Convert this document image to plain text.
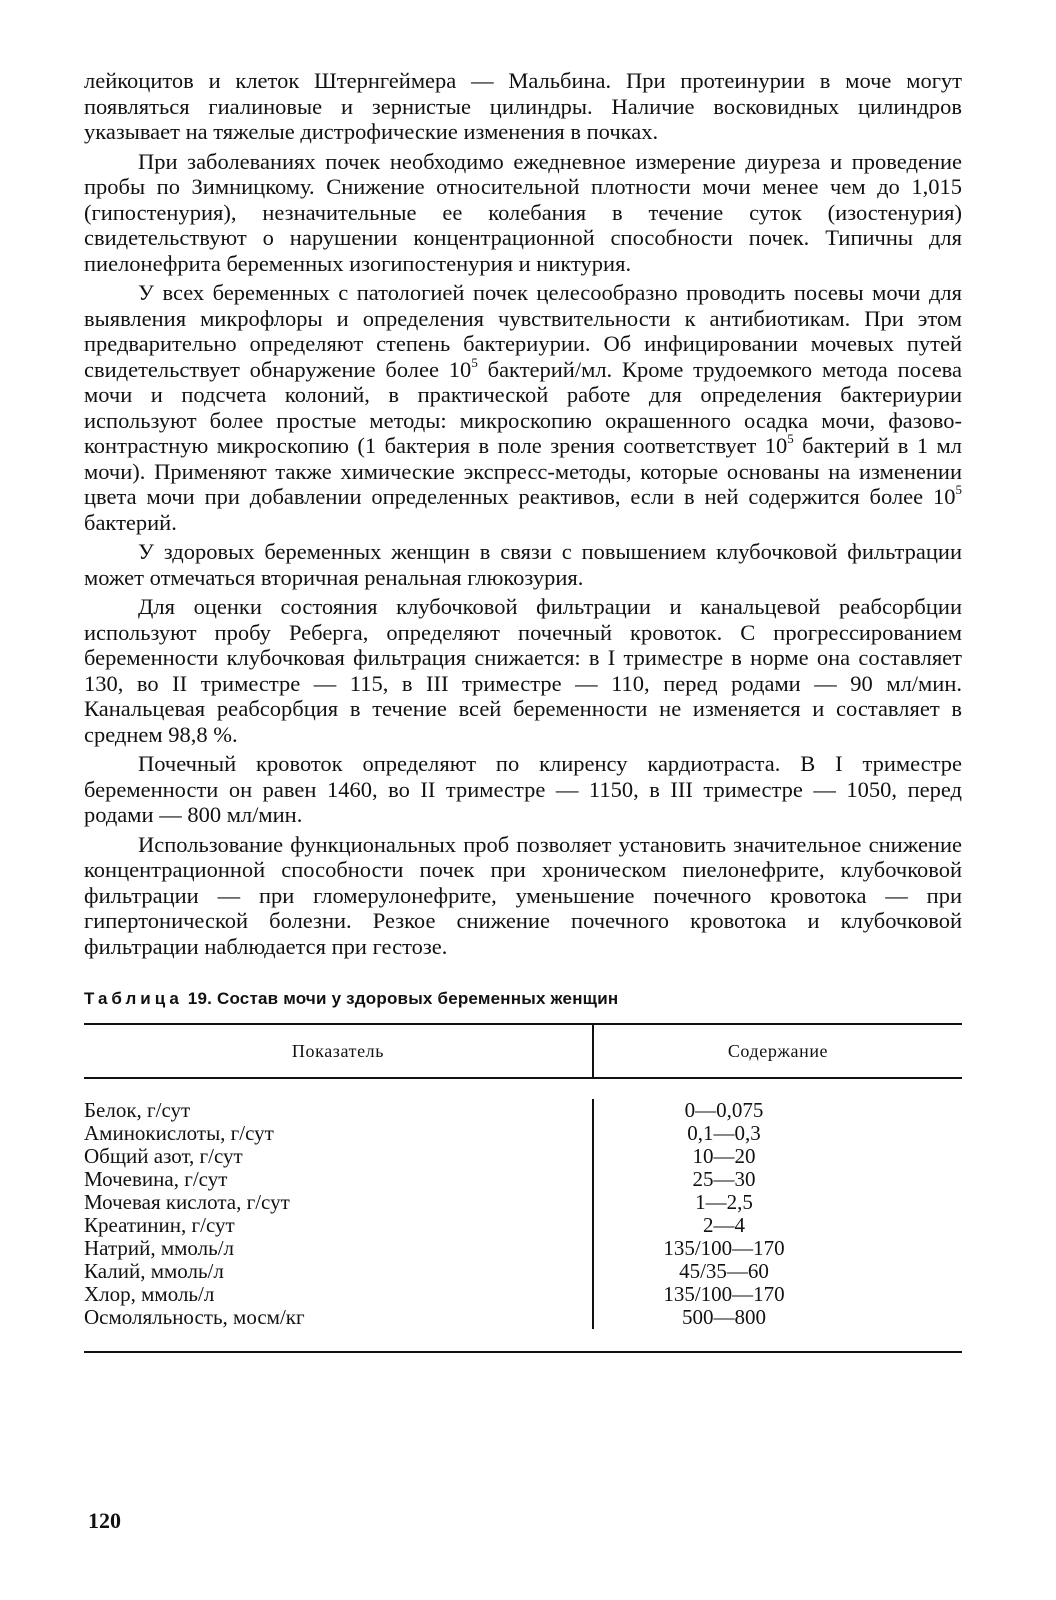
лейкоцитов и клеток Штернгеймера — Мальбина. При протеинурии в моче могут появляться гиалиновые и зернистые цилиндры. Наличие восковидных цилиндров указывает на тяжелые дистрофические изменения в почках.

При заболеваниях почек необходимо ежедневное измерение диуреза и проведение пробы по Зимницкому. Снижение относительной плотности мочи менее чем до 1,015 (гипостенурия), незначительные ее колебания в течение суток (изостенурия) свидетельствуют о нарушении концентрационной способности почек. Типичны для пиелонефрита беременных изогипостенурия и никтурия.

У всех беременных с патологией почек целесообразно проводить посевы мочи для выявления микрофлоры и определения чувствительности к антибиотикам. При этом предварительно определяют степень бактериурии. Об инфицировании мочевых путей свидетельствует обнаружение более $10^5$ бактерий/мл. Кроме трудоемкого метода посева мочи и подсчета колоний, в практической работе для определения бактериурии используют более простые методы: микроскопию окрашенного осадка мочи, фазово-контрастную микроскопию (1 бактерия в поле зрения соответствует $10^5$ бактерий в 1 мл мочи). Применяют также химические экспресс-методы, которые основаны на изменении цвета мочи при добавлении определенных реактивов, если в ней содержится более $10^5$ бактерий.

У здоровых беременных женщин в связи с повышением клубочковой фильтрации может отмечаться вторичная ренальная глюкозурия.

Для оценки состояния клубочковой фильтрации и канальцевой реабсорбции используют пробу Реберга, определяют почечный кровоток. С прогрессированием беременности клубочковая фильтрация снижается: в I триместре в норме она составляет 130, во II триместре — 115, в III триместре — 110, перед родами — 90 мл/мин. Канальцевая реабсорбция в течение всей беременности не изменяется и составляет в среднем 98,8 %.

Почечный кровоток определяют по клиренсу кардиотраста. В I триместре беременности он равен 1460, во II триместре — 1150, в III триместре — 1050, перед родами — 800 мл/мин.

Использование функциональных проб позволяет установить значительное снижение концентрационной способности почек при хроническом пиелонефрите, клубочковой фильтрации — при гломерулонефрите, уменьшение почечного кровотока — при гипертонической болезни. Резкое снижение почечного кровотока и клубочковой фильтрации наблюдается при гестозе.

Таблица 19. Состав мочи у здоровых беременных женщин
Показатель	Содержание
Белок, г/сут
Аминокислоты, г/сут
Общий азот, г/сут
Мочевина, г/сут
Мочевая кислота, г/сут
Креатинин, г/сут
Натрий, ммоль/л
Калий, ммоль/л
Хлор, ммоль/л
Осмоляльность, мосм/кг
0—0,075
0,1—0,3
10—20
25—30
1—2,5
2—4
135/100—170
45/35—60
135/100—170
500—800
120
